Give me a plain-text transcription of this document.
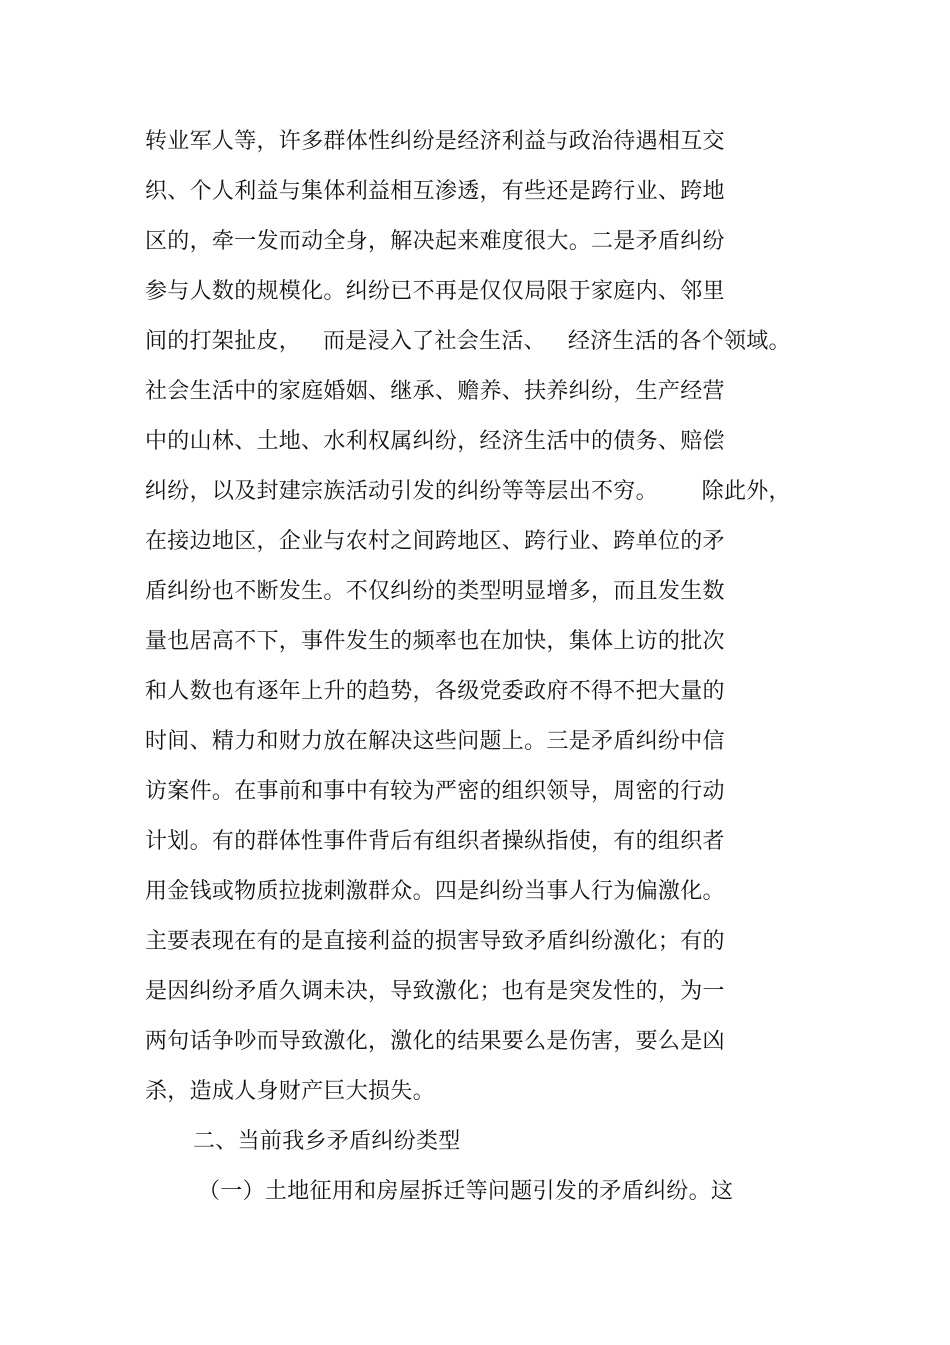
转业军人等，许多群体性纠纷是经济利益与政治待遇相互交
织、个人利益与集体利益相互渗透，有些还是跨行业、跨地
区的，牵一发而动全身，解决起来难度很大。二是矛盾纠纷
参与人数的规模化。纠纷已不再是仅仅局限于家庭内、邻里
间的打架扯皮，   而是浸入了社会生活、   经济生活的各个领域。
社会生活中的家庭婚姻、继承、赡养、扶养纠纷，生产经营
中的山林、土地、水利权属纠纷，经济生活中的债务、赔偿
纠纷，以及封建宗族活动引发的纠纷等等层出不穷。      除此外，
在接边地区，企业与农村之间跨地区、跨行业、跨单位的矛
盾纠纷也不断发生。不仅纠纷的类型明显增多，而且发生数
量也居高不下，事件发生的频率也在加快，集体上访的批次
和人数也有逐年上升的趋势，各级党委政府不得不把大量的
时间、精力和财力放在解决这些问题上。三是矛盾纠纷中信
访案件。在事前和事中有较为严密的组织领导，周密的行动
计划。有的群体性事件背后有组织者操纵指使，有的组织者
用金钱或物质拉拢刺激群众。四是纠纷当事人行为偏激化。
主要表现在有的是直接利益的损害导致矛盾纠纷激化；有的
是因纠纷矛盾久调未决，导致激化；也有是突发性的，为一
两句话争吵而导致激化，激化的结果要么是伤害，要么是凶
杀，造成人身财产巨大损失。
二、当前我乡矛盾纠纷类型
（一）土地征用和房屋拆迁等问题引发的矛盾纠纷。这
